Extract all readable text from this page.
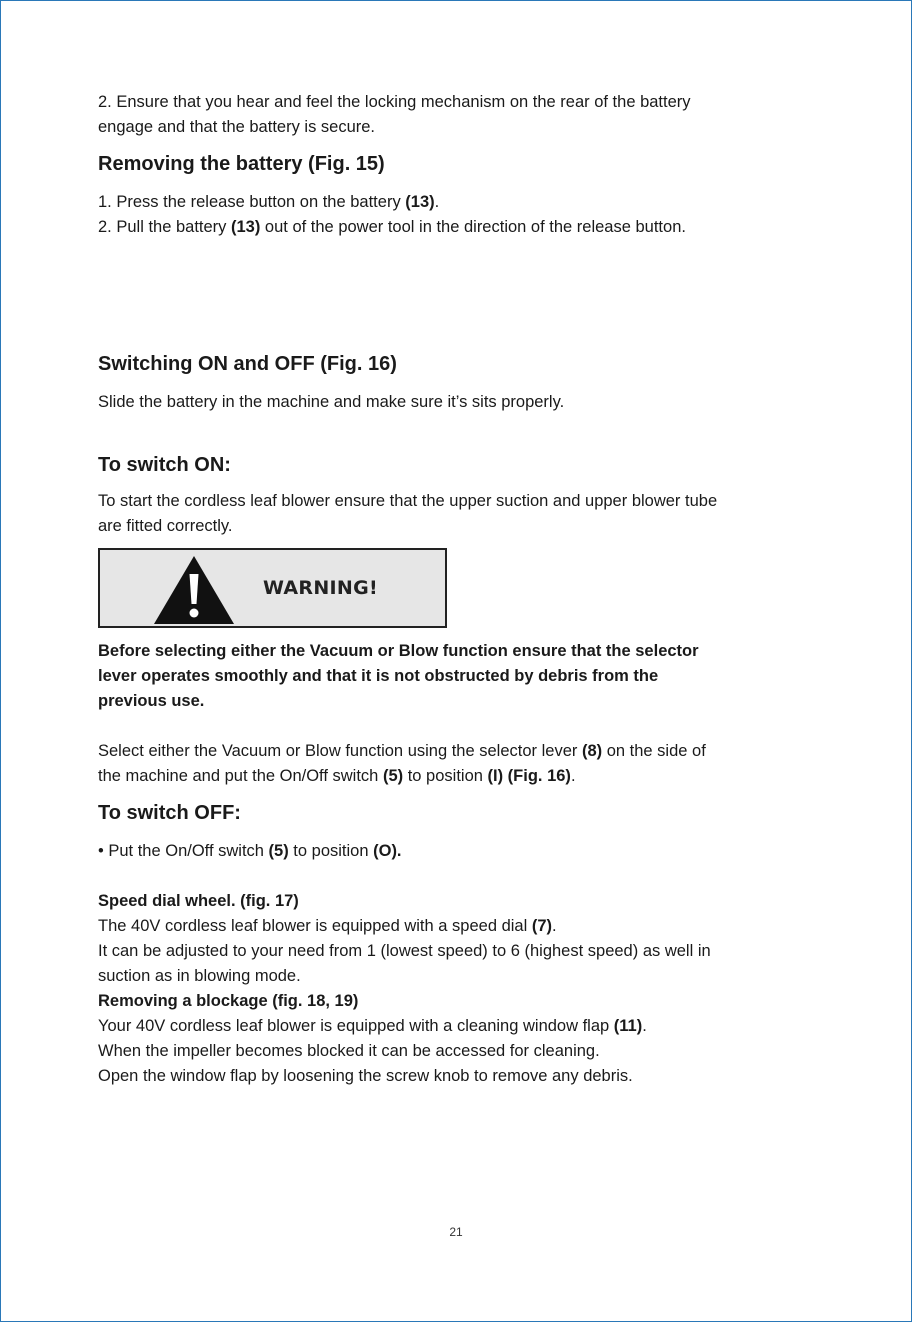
2. Ensure that you hear and feel the locking mechanism on the rear of the battery

engage and that the battery is secure.

Removing the battery (Fig. 15)

1. Press the release button on the battery (13).

2. Pull the battery (13) out of the power tool in the direction of the release button.

Switching ON and OFF (Fig. 16)

Slide the battery in the machine and make sure it’s sits properly.

To switch ON:

To start the cordless leaf blower ensure that the upper suction and upper blower tube

are fitted correctly.

WARNING!

Before selecting either the Vacuum or Blow function ensure that the selector

lever operates smoothly and that it is not obstructed by debris from the

previous use.

Select either the Vacuum or Blow function using the selector lever (8) on the side of

the machine and put the On/Off switch (5) to position (I) (Fig. 16).

To switch OFF:

• Put the On/Off switch (5) to position (O).

Speed dial wheel. (fig. 17)

The 40V cordless leaf blower is equipped with a speed dial (7).

It can be adjusted to your need from 1 (lowest speed) to 6 (highest speed) as well in

suction as in blowing mode.

Removing a blockage (fig. 18, 19)

Your 40V cordless leaf blower is equipped with a cleaning window flap (11).

When the impeller becomes blocked it can be accessed for cleaning.

Open the window flap by loosening the screw knob to remove any debris.

21
